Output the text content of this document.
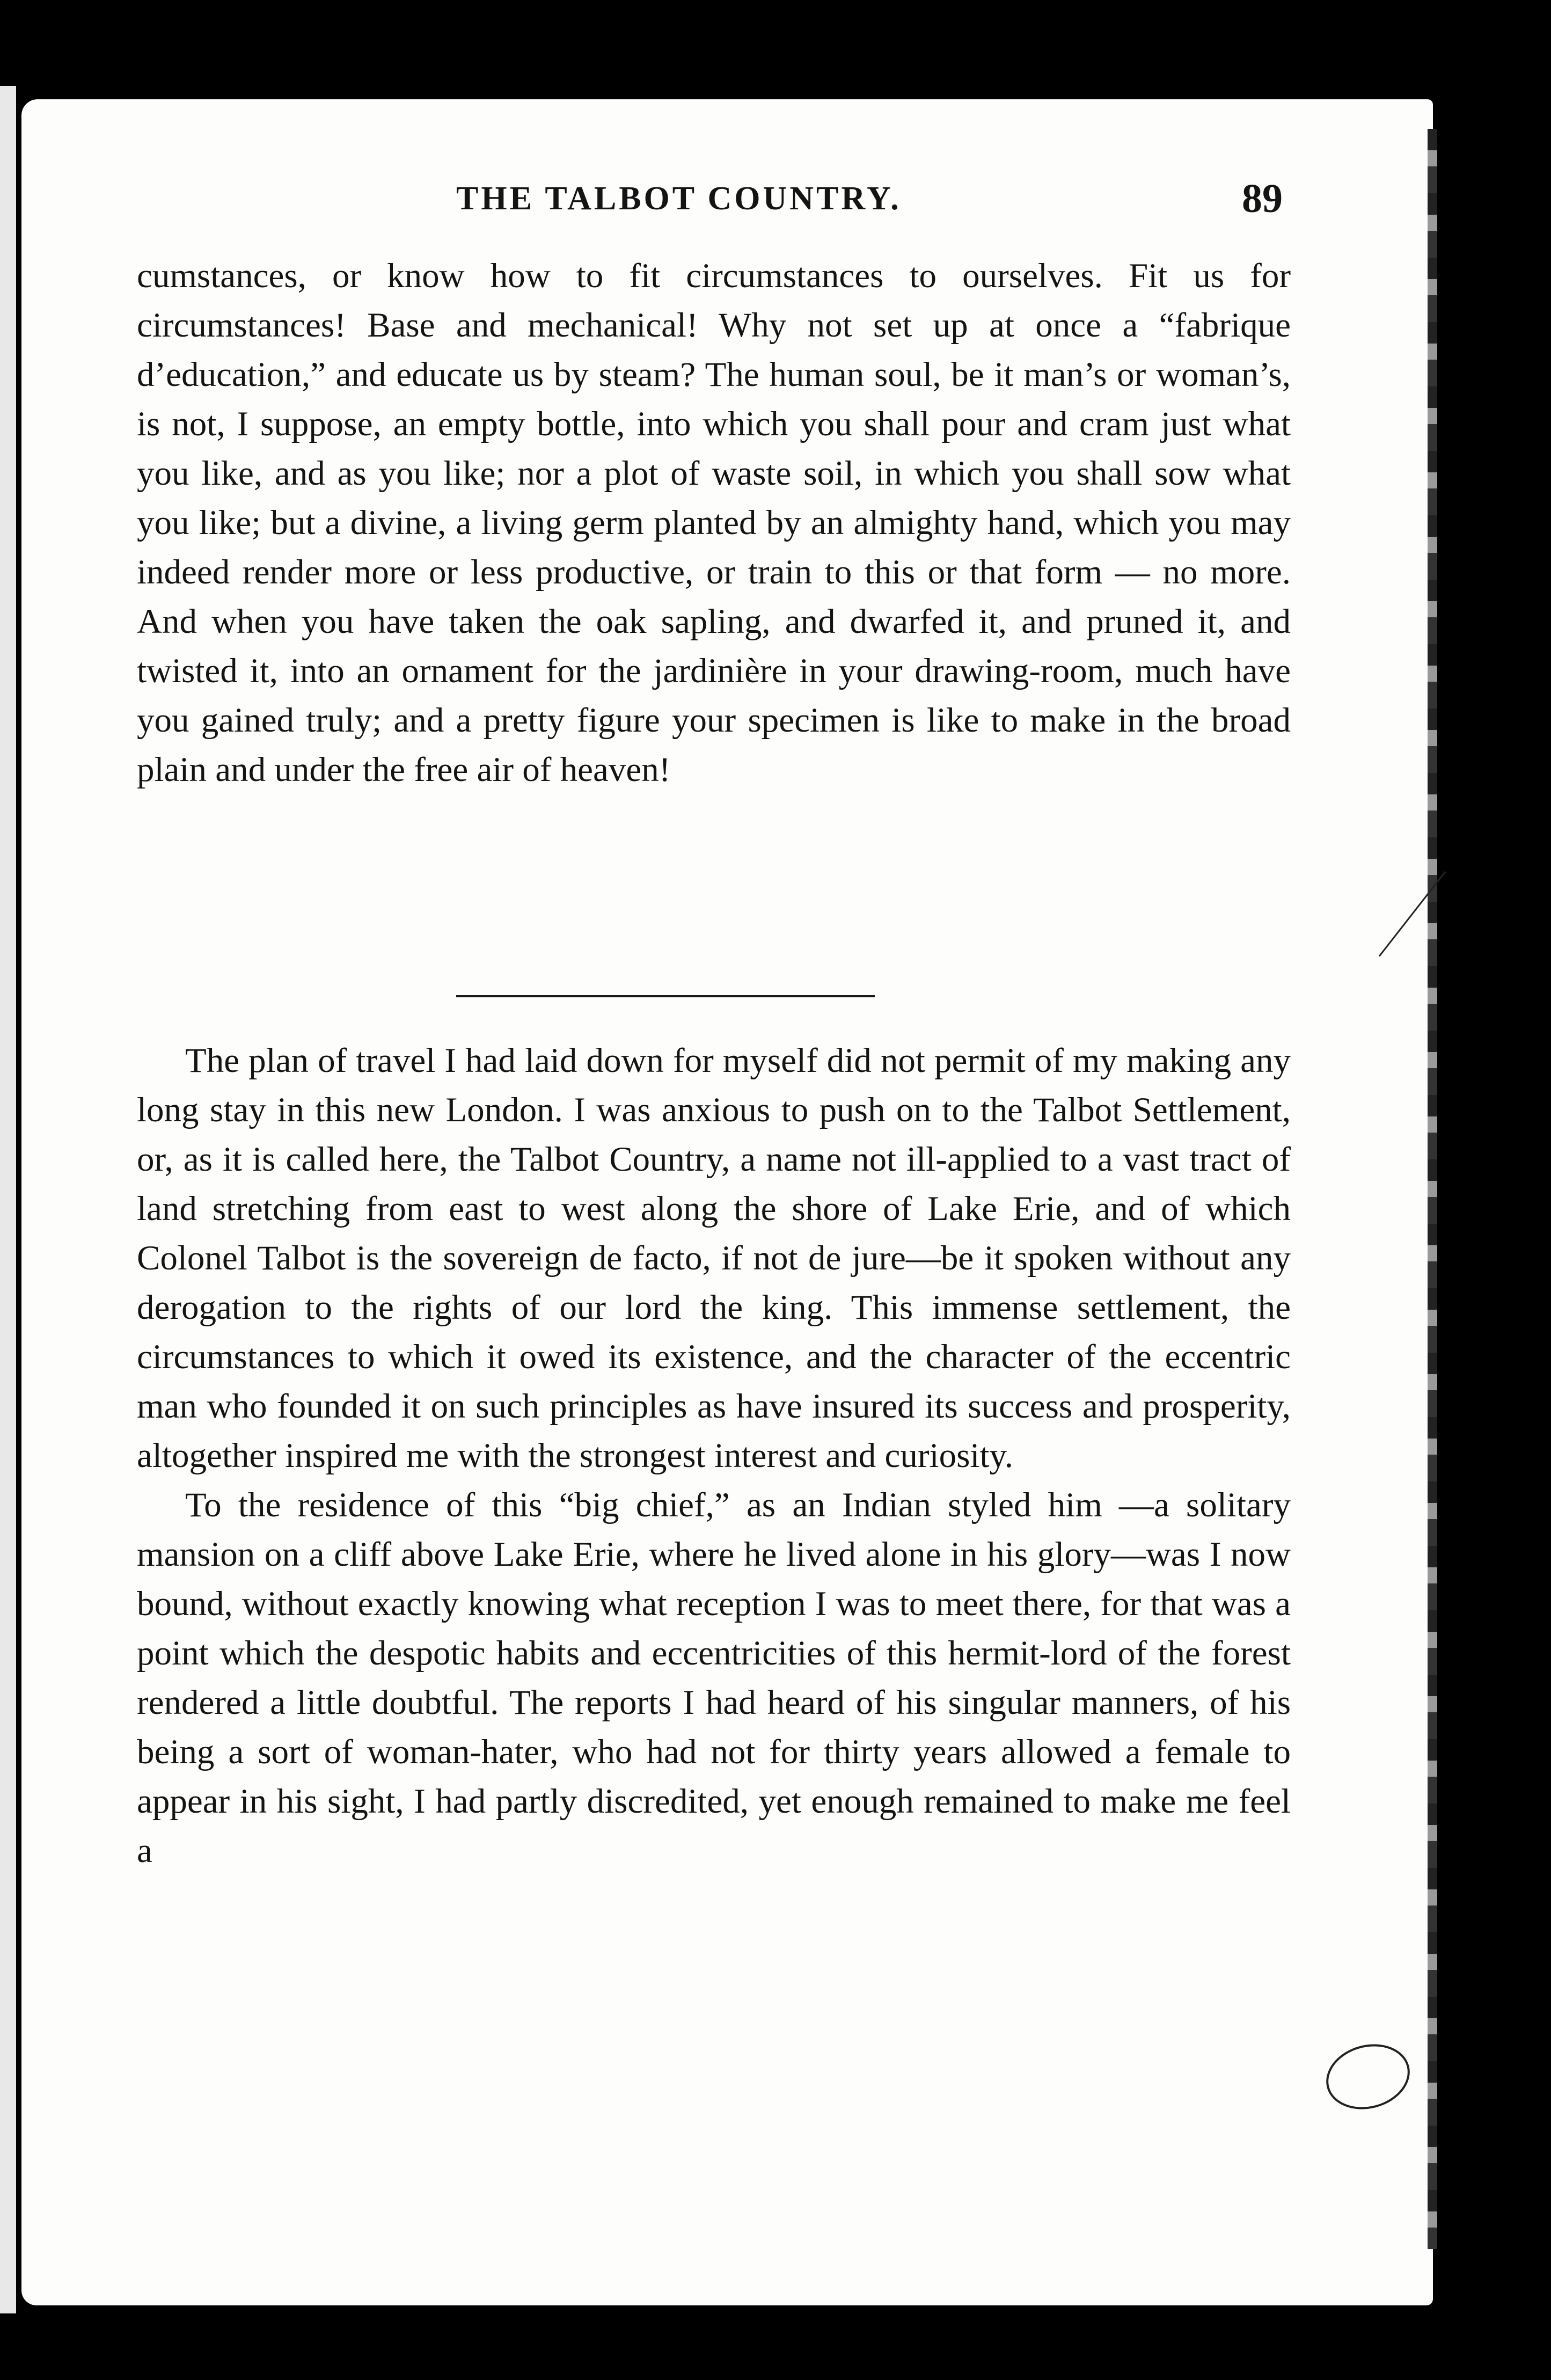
THE TALBOT COUNTRY.	89

cumstances, or know how to fit circumstances to ourselves. Fit us for circumstances! Base and mechanical! Why not set up at once a “fabrique d’education,” and educate us by steam? The human soul, be it man’s or woman’s, is not, I suppose, an empty bottle, into which you shall pour and cram just what you like, and as you like; nor a plot of waste soil, in which you shall sow what you like; but a divine, a living germ planted by an almighty hand, which you may indeed render more or less productive, or train to this or that form — no more. And when you have taken the oak sapling, and dwarfed it, and pruned it, and twisted it, into an ornament for the jardinière in your drawing-room, much have you gained truly; and a pretty figure your specimen is like to make in the broad plain and under the free air of heaven!

The plan of travel I had laid down for myself did not permit of my making any long stay in this new London. I was anxious to push on to the Talbot Settlement, or, as it is called here, the Talbot Country, a name not ill-applied to a vast tract of land stretching from east to west along the shore of Lake Erie, and of which Colonel Talbot is the sovereign de facto, if not de jure—be it spoken without any derogation to the rights of our lord the king. This immense settlement, the circumstances to which it owed its existence, and the character of the eccentric man who founded it on such principles as have insured its success and prosperity, altogether inspired me with the strongest interest and curiosity.

To the residence of this “big chief,” as an Indian styled him —a solitary mansion on a cliff above Lake Erie, where he lived alone in his glory—was I now bound, without exactly knowing what reception I was to meet there, for that was a point which the despotic habits and eccentricities of this hermit-lord of the forest rendered a little doubtful. The reports I had heard of his singular manners, of his being a sort of woman-hater, who had not for thirty years allowed a female to appear in his sight, I had partly discredited, yet enough remained to make me feel a
